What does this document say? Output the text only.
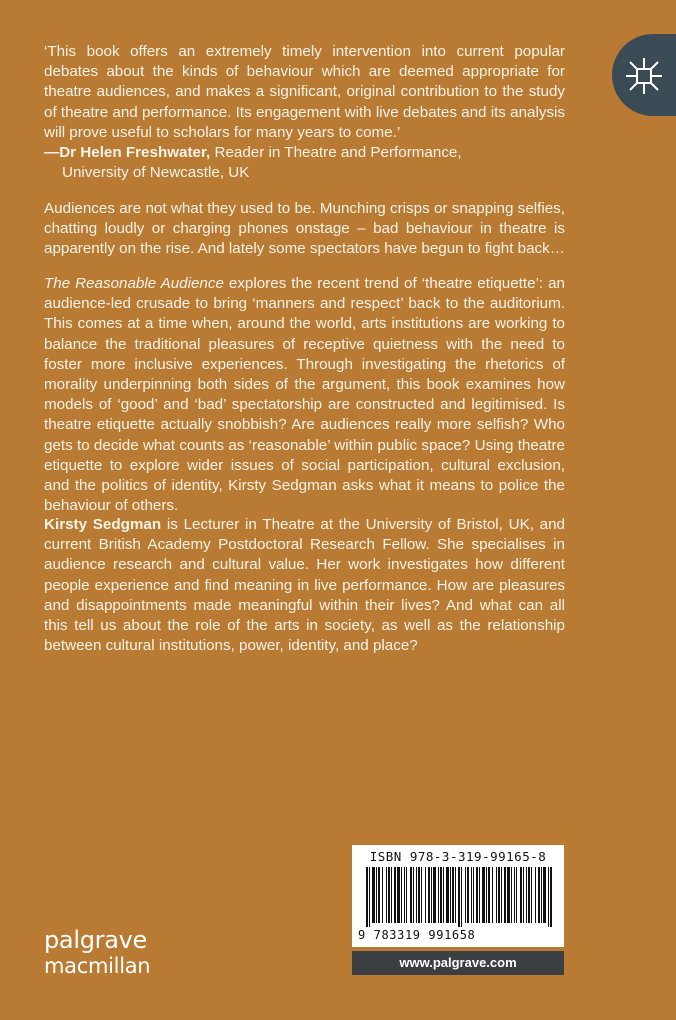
‘This book offers an extremely timely intervention into current popular debates about the kinds of behaviour which are deemed appropriate for theatre audiences, and makes a significant, original contribution to the study of theatre and performance. Its engagement with live debates and its analysis will prove useful to scholars for many years to come.’

—Dr Helen Freshwater, Reader in Theatre and Performance,

University of Newcastle, UK

Audiences are not what they used to be. Munching crisps or snapping selfies, chatting loudly or charging phones onstage – bad behaviour in theatre is apparently on the rise. And lately some spectators have begun to fight back…

The Reasonable Audience explores the recent trend of ‘theatre etiquette’: an audience-led crusade to bring ‘manners and respect’ back to the auditorium. This comes at a time when, around the world, arts institutions are working to balance the traditional pleasures of receptive quietness with the need to foster more inclusive experiences. Through investigating the rhetorics of morality underpinning both sides of the argument, this book examines how models of ‘good’ and ‘bad’ spectatorship are constructed and legitimised. Is theatre etiquette actually snobbish? Are audiences really more selfish? Who gets to decide what counts as ‘reasonable’ within public space? Using theatre etiquette to explore wider issues of social participation, cultural exclusion, and the politics of identity, Kirsty Sedgman asks what it means to police the behaviour of others.

Kirsty Sedgman is Lecturer in Theatre at the University of Bristol, UK, and current British Academy Postdoctoral Research Fellow. She specialises in audience research and cultural value. Her work investigates how different people experience and find meaning in live performance. How are pleasures and disappointments made meaningful within their lives? And what can all this tell us about the role of the arts in society, as well as the relationship between cultural institutions, power, identity, and place?

palgrave
macmillan
ISBN 978-3-319-99165-8
9 783319 991658
www.palgrave.com
